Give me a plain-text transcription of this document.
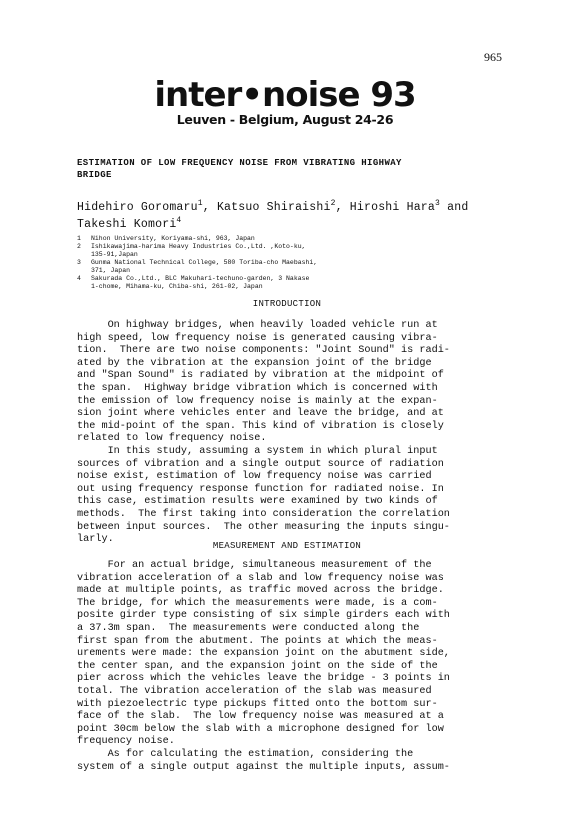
965
inter•noise 93
Leuven - Belgium, August 24-26
ESTIMATION OF LOW FREQUENCY NOISE FROM VIBRATING HIGHWAY
BRIDGE
Hidehiro Goromaru$^1$, Katsuo Shiraishi$^2$, Hiroshi Hara$^3$ and
Takeshi Komori$^4$
1	Nihon University, Koriyama-shi, 963, Japan
2	Ishikawajima-harima Heavy Industries Co.,Ltd. ,Koto-ku,
135-91,Japan
3	Gunma National Technical College, 580 Toriba-cho Maebashi,
371, Japan
4	Sakurada Co.,Ltd., BLC Makuhari-techuno-garden, 3 Nakase
1-chome, Mihama-ku, Chiba-shi, 261-02, Japan
INTRODUCTION
On highway bridges, when heavily loaded vehicle run at
high speed, low frequency noise is generated causing vibra-
tion.  There are two noise components: "Joint Sound" is radi-
ated by the vibration at the expansion joint of the bridge
and "Span Sound" is radiated by vibration at the midpoint of
the span.  Highway bridge vibration which is concerned with
the emission of low frequency noise is mainly at the expan-
sion joint where vehicles enter and leave the bridge, and at
the mid-point of the span. This kind of vibration is closely
related to low frequency noise.
In this study, assuming a system in which plural input
sources of vibration and a single output source of radiation
noise exist, estimation of low frequency noise was carried
out using frequency response function for radiated noise. In
this case, estimation results were examined by two kinds of
methods.  The first taking into consideration the correlation
between input sources.  The other measuring the inputs singu-
larly.
MEASUREMENT AND ESTIMATION
For an actual bridge, simultaneous measurement of the
vibration acceleration of a slab and low frequency noise was
made at multiple points, as traffic moved across the bridge.
The bridge, for which the measurements were made, is a com-
posite girder type consisting of six simple girders each with
a 37.3m span.  The measurements were conducted along the
first span from the abutment. The points at which the meas-
urements were made: the expansion joint on the abutment side,
the center span, and the expansion joint on the side of the
pier across which the vehicles leave the bridge - 3 points in
total. The vibration acceleration of the slab was measured
with piezoelectric type pickups fitted onto the bottom sur-
face of the slab.  The low frequency noise was measured at a
point 30cm below the slab with a microphone designed for low
frequency noise.
As for calculating the estimation, considering the
system of a single output against the multiple inputs, assum-
